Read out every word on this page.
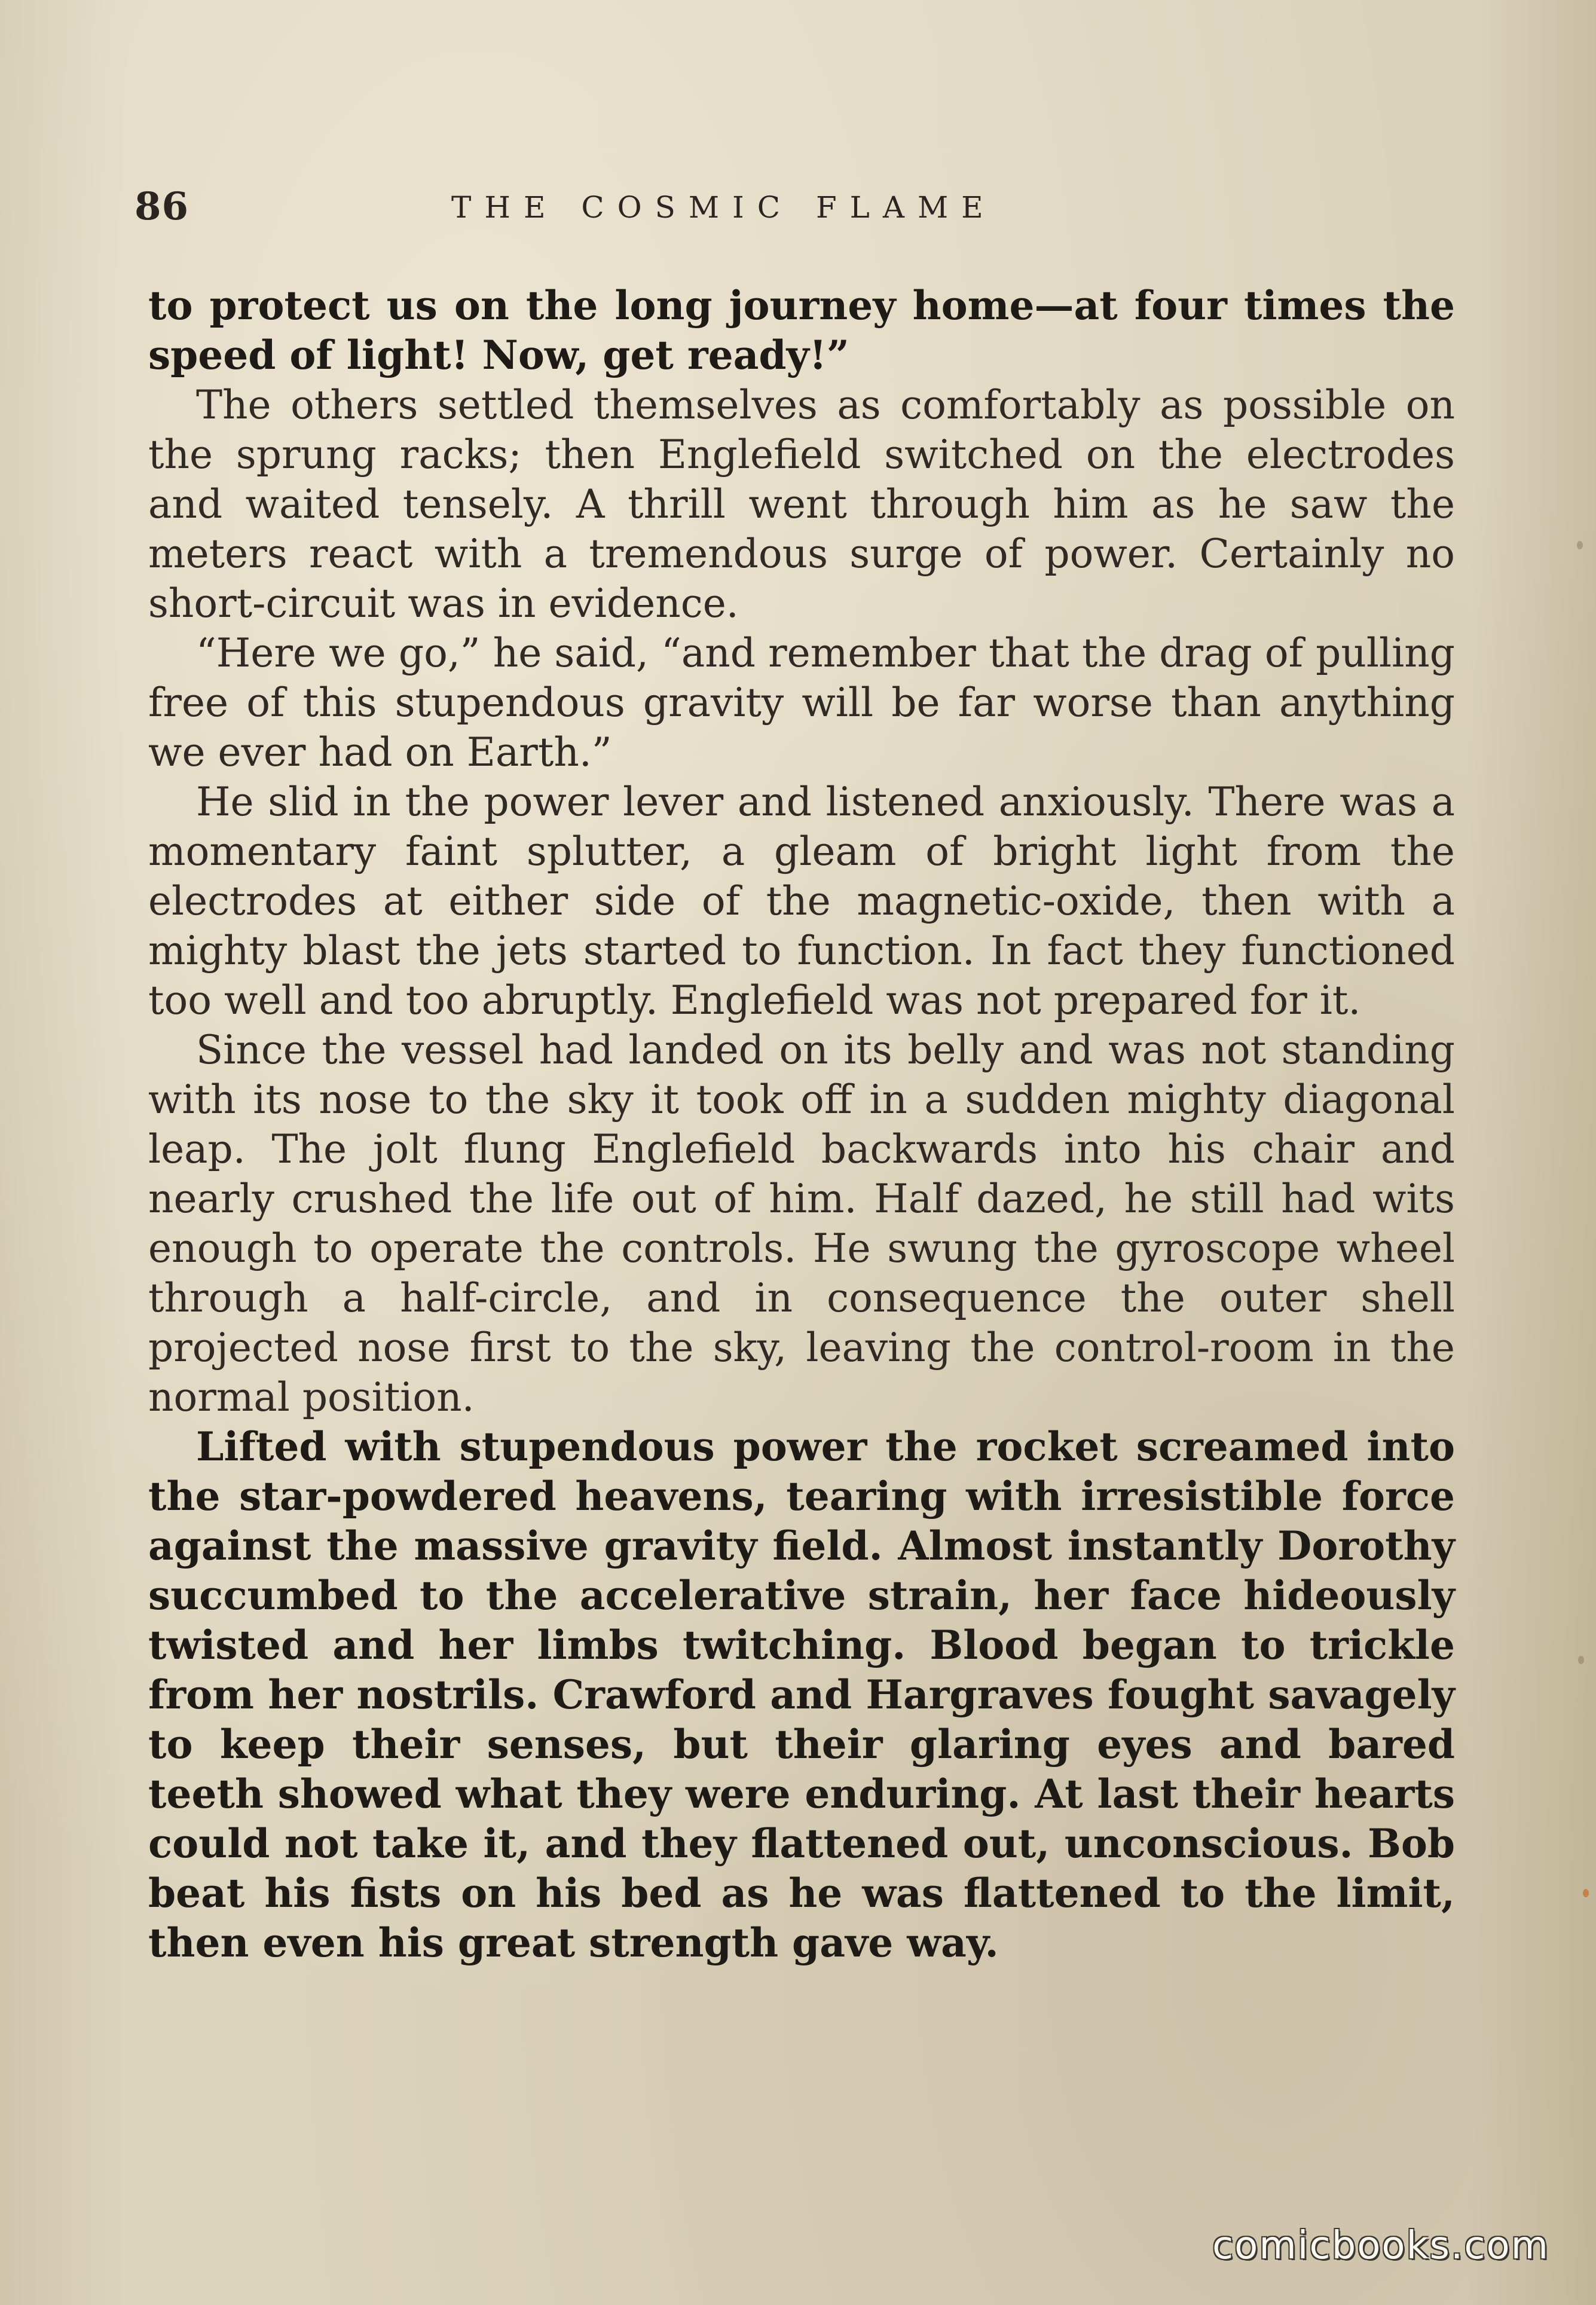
86	THE COSMIC FLAME

to protect us on the long journey home—at four times the speed of light! Now, get ready!”

The others settled themselves as comfortably as possible on the sprung racks; then Englefield switched on the electrodes and waited tensely. A thrill went through him as he saw the meters react with a tremendous surge of power. Certainly no short-circuit was in evidence.

“Here we go,” he said, “and remember that the drag of pulling free of this stupendous gravity will be far worse than anything we ever had on Earth.”

He slid in the power lever and listened anxiously. There was a momentary faint splutter, a gleam of bright light from the electrodes at either side of the magnetic-oxide, then with a mighty blast the jets started to function. In fact they functioned too well and too abruptly. Englefield was not prepared for it.

Since the vessel had landed on its belly and was not standing with its nose to the sky it took off in a sudden mighty diagonal leap. The jolt flung Englefield backwards into his chair and nearly crushed the life out of him. Half dazed, he still had wits enough to operate the controls. He swung the gyroscope wheel through a half-circle, and in consequence the outer shell projected nose first to the sky, leaving the control-room in the normal position.

Lifted with stupendous power the rocket screamed into the star-powdered heavens, tearing with irresistible force against the massive gravity field. Almost instantly Dorothy succumbed to the accelerative strain, her face hideously twisted and her limbs twitching. Blood began to trickle from her nostrils. Crawford and Hargraves fought savagely to keep their senses, but their glaring eyes and bared teeth showed what they were enduring. At last their hearts could not take it, and they flattened out, unconscious. Bob beat his fists on his bed as he was flattened to the limit, then even his great strength gave way.

comicbooks.com
